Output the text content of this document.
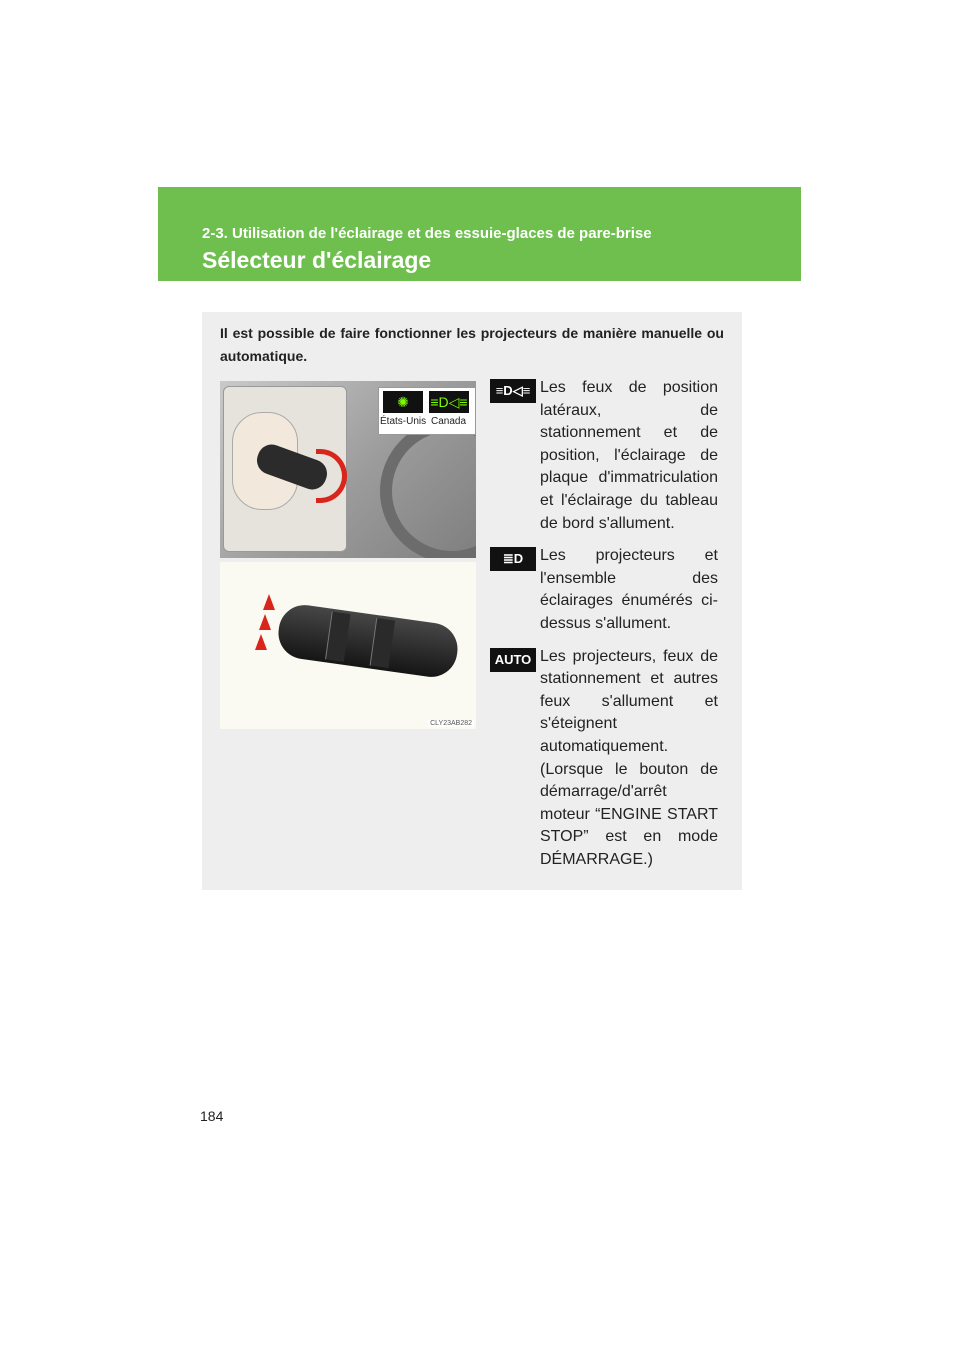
2-3. Utilisation de l'éclairage et des essuie-glaces de pare-brise
Sélecteur d'éclairage
Il est possible de faire fonctionner les projecteurs de manière manuelle ou automatique.
✺	≡D◁≡
États-Unis Canada
CLY23AB282
≡D◁≡ Les feux de position latéraux, de stationnement et de position, l'éclairage de plaque d'immatriculation et l'éclairage du tableau de bord s'allument.
≣D	Les projecteurs et l'ensemble des éclairages énumérés ci-dessus s'allument.
AUTO Les projecteurs, feux de stationnement et autres feux s'allument et s'éteignent automatiquement. (Lorsque le bouton de démarrage/d'arrêt moteur “ENGINE START STOP” est en mode DÉMARRAGE.)
184
